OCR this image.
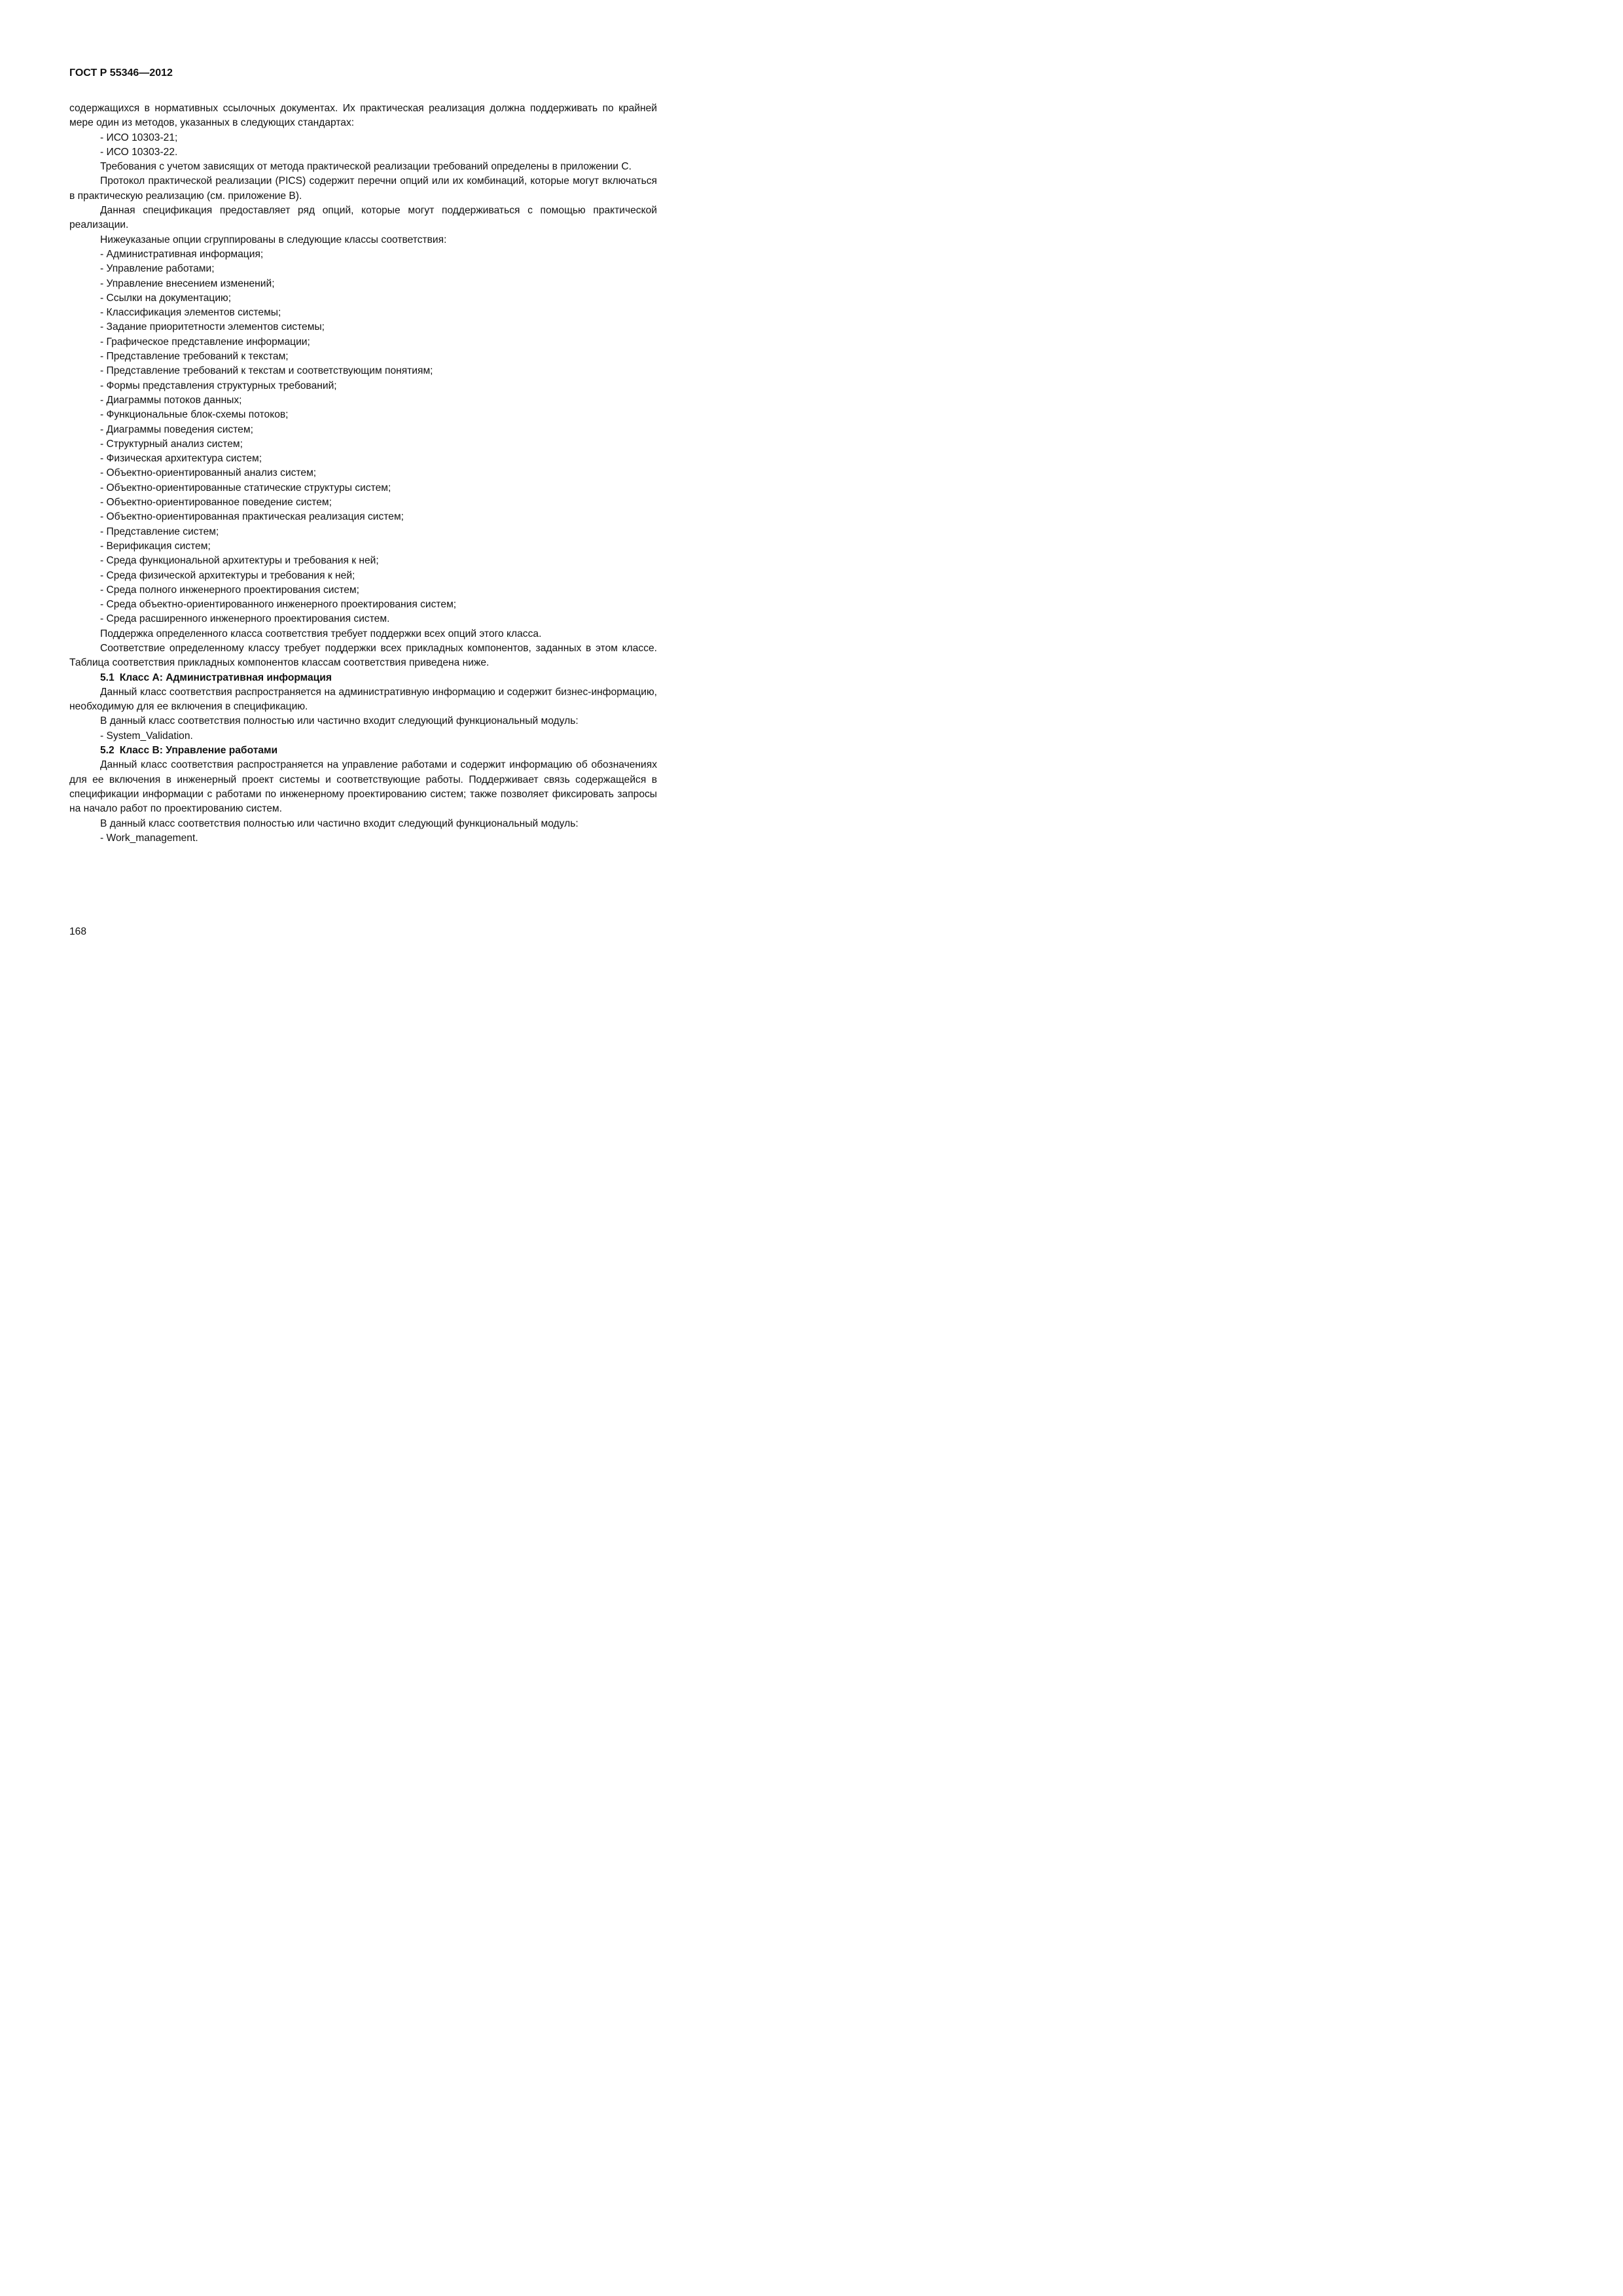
ГОСТ Р 55346—2012

содержащихся в нормативных ссылочных документах. Их практическая реализация должна поддерживать по крайней мере один из методов, указанных в следующих стандартах:

- ИСО 10303-21;

- ИСО 10303-22.

Требования с учетом зависящих от метода практической реализации требований определены в приложении С.

Протокол практической реализации (PICS) содержит перечни опций или их комбинаций, которые могут включаться в практическую реализацию (см. приложение В).

Данная спецификация предоставляет ряд опций, которые могут поддерживаться с помощью практической реализации.

Нижеуказаные опции сгруппированы в следующие классы соответствия:

- Административная информация;

- Управление работами;

- Управление внесением изменений;

- Ссылки на документацию;

- Классификация элементов системы;

- Задание приоритетности элементов системы;

- Графическое представление информации;

- Представление требований к текстам;

- Представление требований к текстам и соответствующим понятиям;

- Формы представления структурных требований;

- Диаграммы потоков данных;

- Функциональные блок-схемы потоков;

- Диаграммы поведения систем;

- Структурный анализ систем;

- Физическая архитектура систем;

- Объектно-ориентированный анализ систем;

- Объектно-ориентированные статические структуры систем;

- Объектно-ориентированное поведение систем;

- Объектно-ориентированная практическая реализация систем;

- Представление систем;

- Верификация систем;

- Среда функциональной архитектуры и требования к ней;

- Среда физической архитектуры и требования к ней;

- Среда полного инженерного проектирования систем;

- Среда объектно-ориентированного инженерного проектирования систем;

- Среда расширенного инженерного проектирования систем.

Поддержка определенного класса соответствия требует поддержки всех опций этого класса.

Соответствие определенному классу требует поддержки всех прикладных компонентов, заданных в этом классе. Таблица соответствия прикладных компонентов классам соответствия приведена ниже.

5.1 Класс А: Административная информация

Данный класс соответствия распространяется на административную информацию и содержит бизнес-информацию, необходимую для ее включения в спецификацию.

В данный класс соответствия полностью или частично входит следующий функциональный модуль:

- System_Validation.

5.2 Класс В: Управление работами

Данный класс соответствия распространяется на управление работами и содержит информацию об обозначениях для ее включения в инженерный проект системы и соответствующие работы. Поддерживает связь содержащейся в спецификации информации с работами по инженерному проектированию систем; также позволяет фиксировать запросы на начало работ по проектированию систем.

В данный класс соответствия полностью или частично входит следующий функциональный модуль:

- Work_management.

168
